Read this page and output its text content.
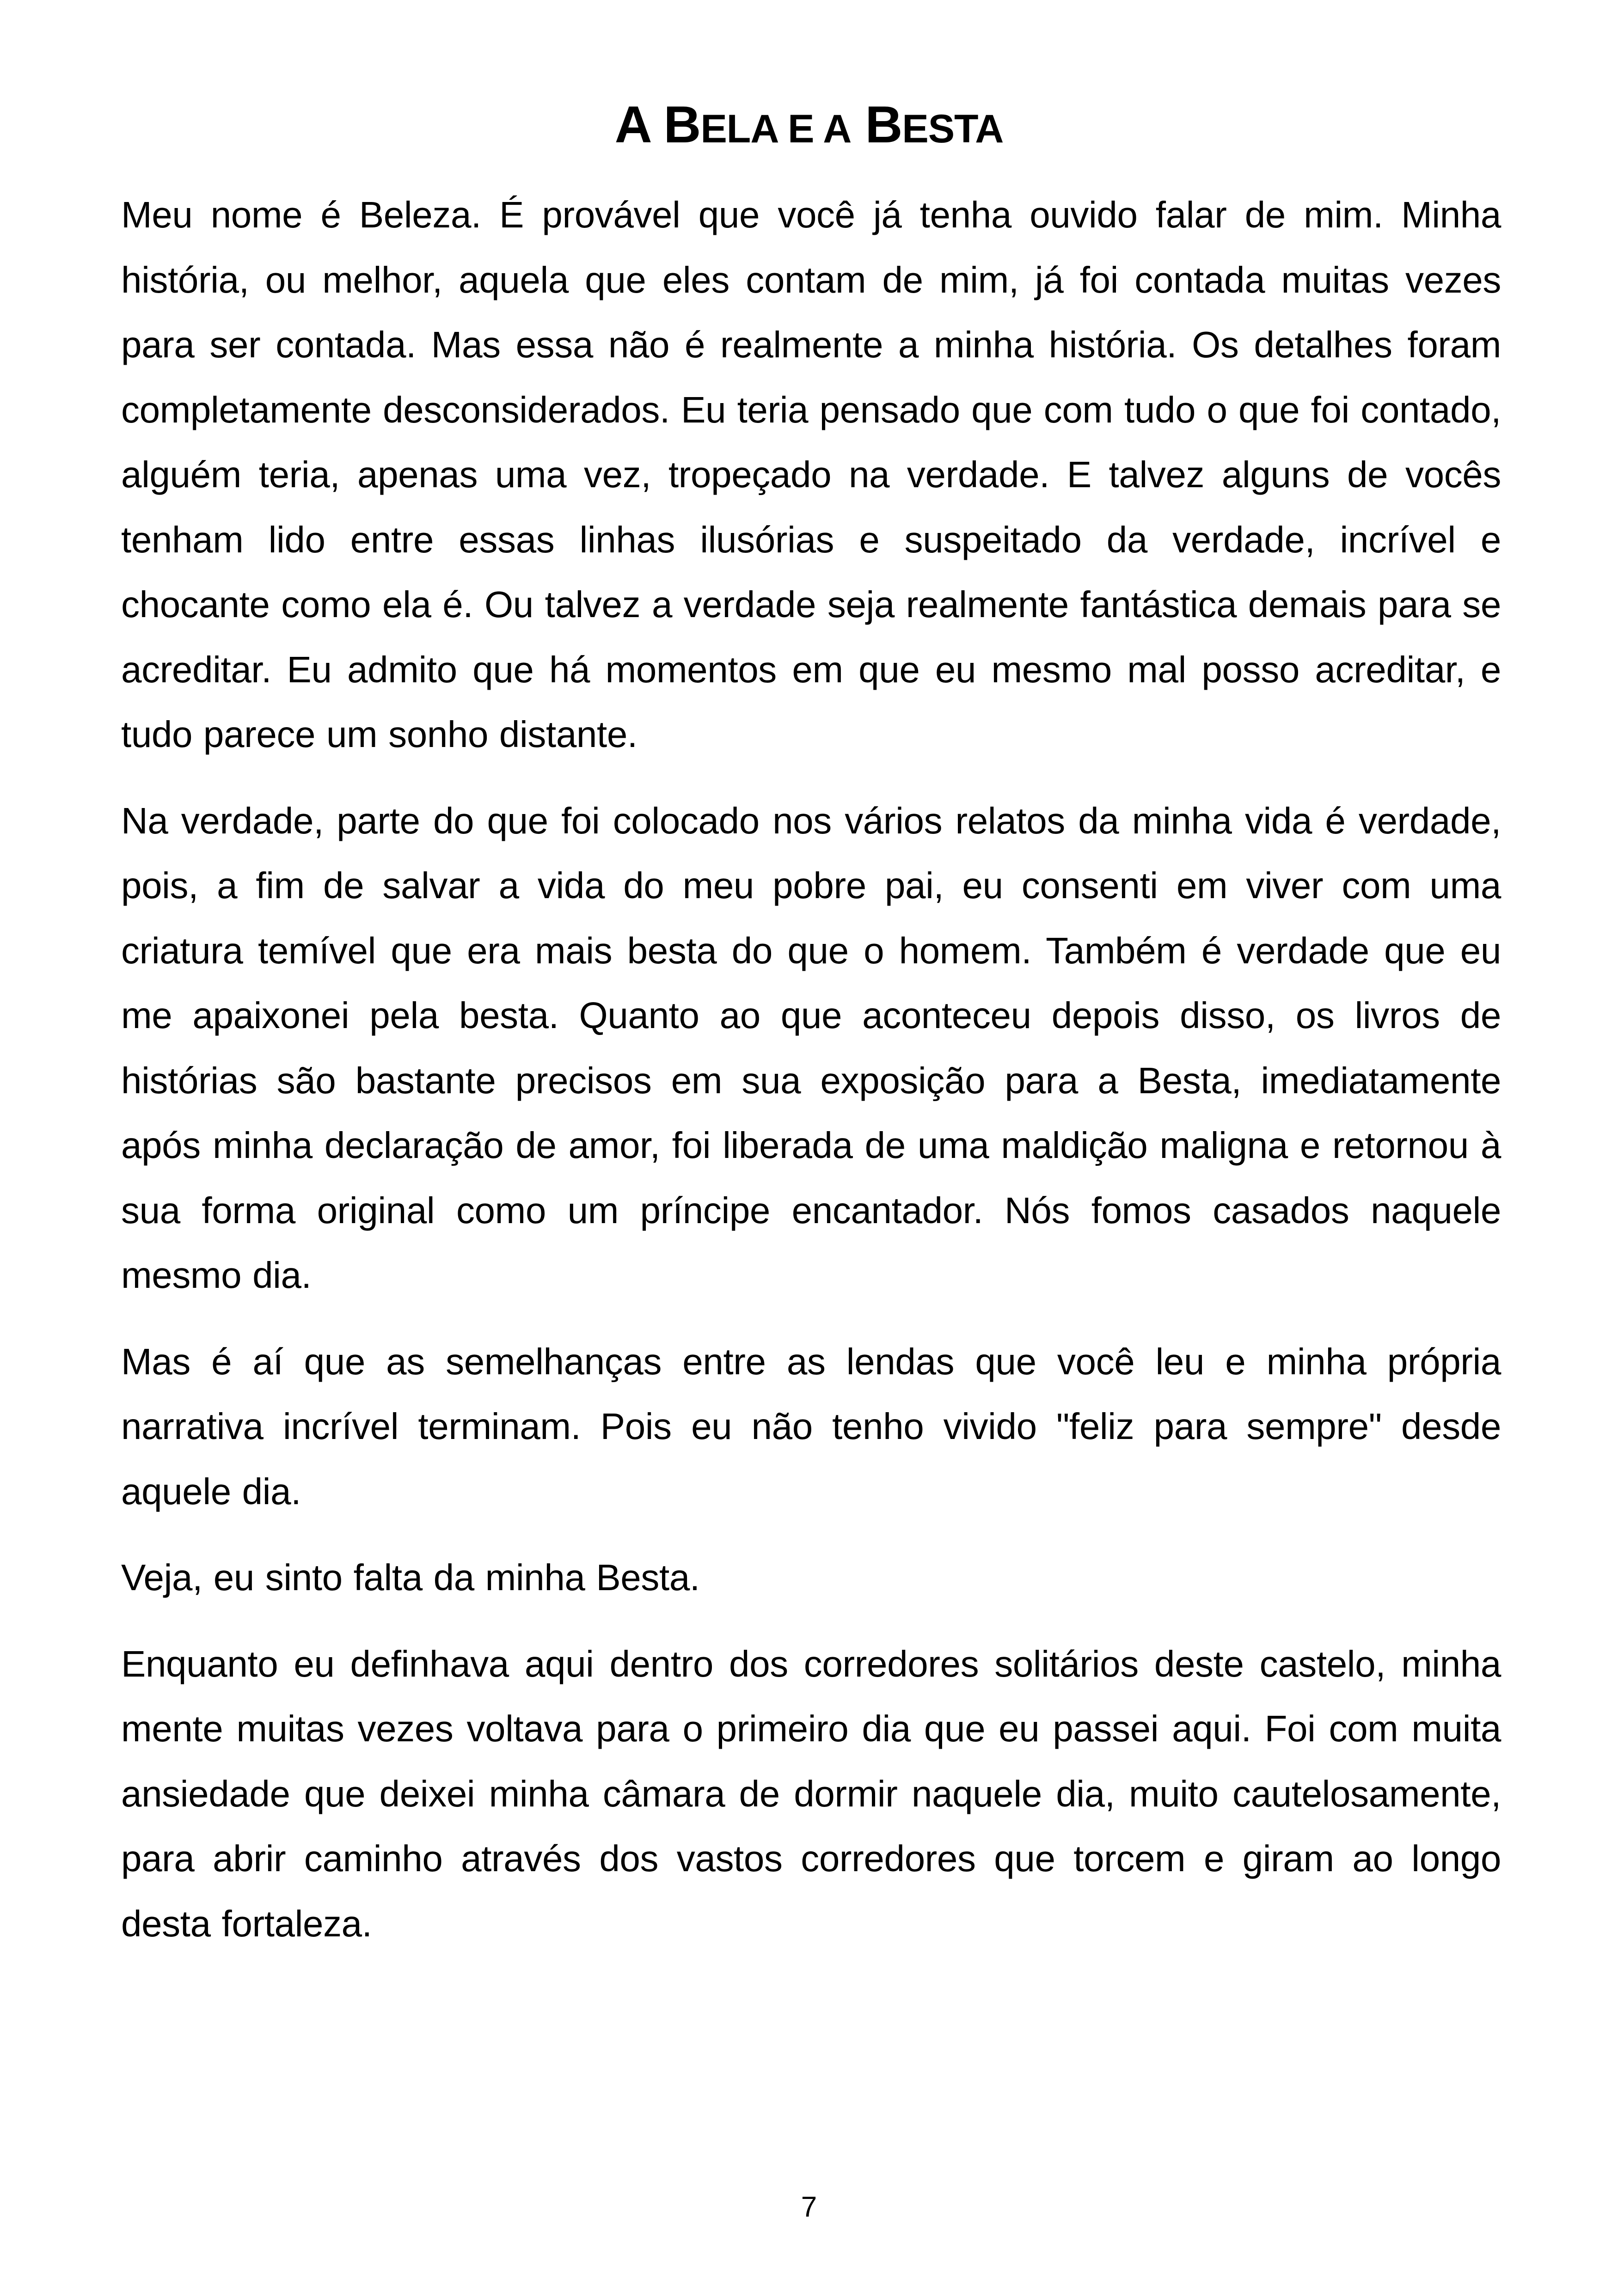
A BELA E A BESTA

Meu nome é Beleza. É provável que você já tenha ouvido falar de mim. Minha história, ou melhor, aquela que eles contam de mim, já foi contada muitas vezes para ser contada. Mas essa não é realmente a minha história. Os detalhes foram completamente desconsiderados. Eu teria pensado que com tudo o que foi contado, alguém teria, apenas uma vez, tropeçado na verdade. E talvez alguns de vocês tenham lido entre essas linhas ilusórias e suspeitado da verdade, incrível e chocante como ela é. Ou talvez a verdade seja realmente fantástica demais para se acreditar. Eu admito que há momentos em que eu mesmo mal posso acreditar, e tudo parece um sonho distante.

Na verdade, parte do que foi colocado nos vários relatos da minha vida é verdade, pois, a fim de salvar a vida do meu pobre pai, eu consenti em viver com uma criatura temível que era mais besta do que o homem. Também é verdade que eu me apaixonei pela besta. Quanto ao que aconteceu depois disso, os livros de histórias são bastante precisos em sua exposição para a Besta, imediatamente após minha declaração de amor, foi liberada de uma maldição maligna e retornou à sua forma original como um príncipe encantador. Nós fomos casados naquele mesmo dia.

Mas é aí que as semelhanças entre as lendas que você leu e minha própria narrativa incrível terminam. Pois eu não tenho vivido "feliz para sempre" desde aquele dia.

Veja, eu sinto falta da minha Besta.

Enquanto eu definhava aqui dentro dos corredores solitários deste castelo, minha mente muitas vezes voltava para o primeiro dia que eu passei aqui. Foi com muita ansiedade que deixei minha câmara de dormir naquele dia, muito cautelosamente, para abrir caminho através dos vastos corredores que torcem e giram ao longo desta fortaleza.

7
